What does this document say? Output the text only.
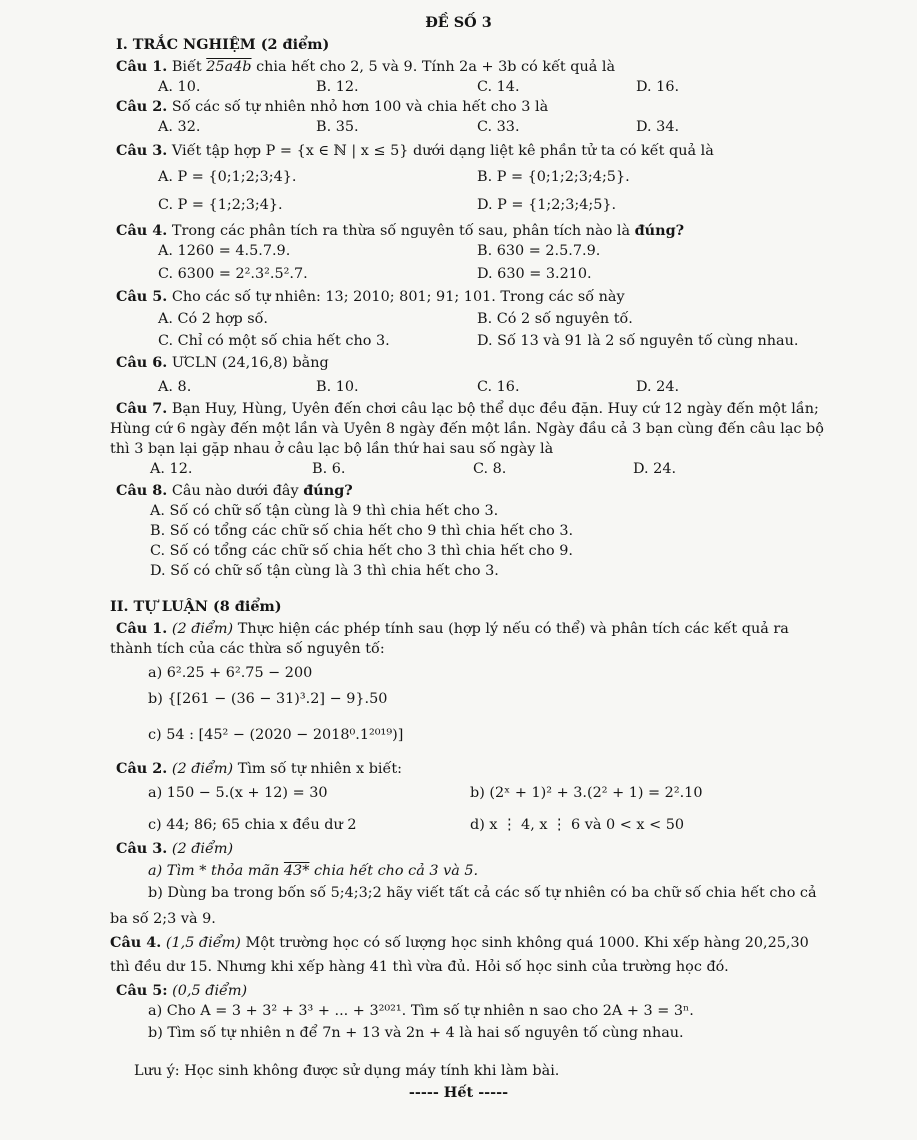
ĐỀ SỐ 3
I. TRẮC NGHIỆM (2 điểm)
Câu 1. Biết 25a4b chia hết cho 2, 5 và 9. Tính 2a + 3b có kết quả là
A. 10.	B. 12.	C. 14.	D. 16.
Câu 2. Số các số tự nhiên nhỏ hơn 100 và chia hết cho 3 là
A. 32.	B. 35.	C. 33.	D. 34.
Câu 3. Viết tập hợp P = {x ∈ ℕ | x ≤ 5} dưới dạng liệt kê phần tử ta có kết quả là
A. P = {0;1;2;3;4}.	B. P = {0;1;2;3;4;5}.
C. P = {1;2;3;4}.	D. P = {1;2;3;4;5}.
Câu 4. Trong các phân tích ra thừa số nguyên tố sau, phân tích nào là đúng?
A. 1260 = 4.5.7.9.	B. 630 = 2.5.7.9.
C. 6300 = 2².3².5².7.	D. 630 = 3.210.
Câu 5. Cho các số tự nhiên: 13; 2010; 801; 91; 101. Trong các số này
A. Có 2 hợp số.	B. Có 2 số nguyên tố.
C. Chỉ có một số chia hết cho 3.	D. Số 13 và 91 là 2 số nguyên tố cùng nhau.
Câu 6. ƯCLN (24,16,8) bằng
A. 8.	B. 10.	C. 16.	D. 24.
Câu 7. Bạn Huy, Hùng, Uyên đến chơi câu lạc bộ thể dục đều đặn. Huy cứ 12 ngày đến một lần;
Hùng cứ 6 ngày đến một lần và Uyên 8 ngày đến một lần. Ngày đầu cả 3 bạn cùng đến câu lạc bộ
thì 3 bạn lại gặp nhau ở câu lạc bộ lần thứ hai sau số ngày là
A. 12.	B. 6.	C. 8.	D. 24.
Câu 8. Câu nào dưới đây đúng?
A. Số có chữ số tận cùng là 9 thì chia hết cho 3.
B. Số có tổng các chữ số chia hết cho 9 thì chia hết cho 3.
C. Số có tổng các chữ số chia hết cho 3 thì chia hết cho 9.
D. Số có chữ số tận cùng là 3 thì chia hết cho 3.
II. TỰ LUẬN (8 điểm)
Câu 1. (2 điểm) Thực hiện các phép tính sau (hợp lý nếu có thể) và phân tích các kết quả ra
thành tích của các thừa số nguyên tố:
a) 6².25 + 6².75 − 200
b) {[261 − (36 − 31)³.2] − 9}.50
c) 54 : [45² − (2020 − 2018⁰.1²⁰¹⁹)]
Câu 2. (2 điểm) Tìm số tự nhiên x biết:
a) 150 − 5.(x + 12) = 30	b) (2ˣ + 1)² + 3.(2² + 1) = 2².10
c) 44; 86; 65 chia x đều dư 2	d) x ⋮ 4, x ⋮ 6 và 0 < x < 50
Câu 3. (2 điểm)
a) Tìm * thỏa mãn 43* chia hết cho cả 3 và 5.
b) Dùng ba trong bốn số 5;4;3;2 hãy viết tất cả các số tự nhiên có ba chữ số chia hết cho cả
ba số 2;3 và 9.
Câu 4. (1,5 điểm) Một trường học có số lượng học sinh không quá 1000. Khi xếp hàng 20,25,30
thì đều dư 15. Nhưng khi xếp hàng 41 thì vừa đủ. Hỏi số học sinh của trường học đó.
Câu 5: (0,5 điểm)
a) Cho A = 3 + 3² + 3³ + ... + 3²⁰²¹. Tìm số tự nhiên n sao cho 2A + 3 = 3ⁿ.
b) Tìm số tự nhiên n để 7n + 13 và 2n + 4 là hai số nguyên tố cùng nhau.
Lưu ý: Học sinh không được sử dụng máy tính khi làm bài.
----- Hết -----
